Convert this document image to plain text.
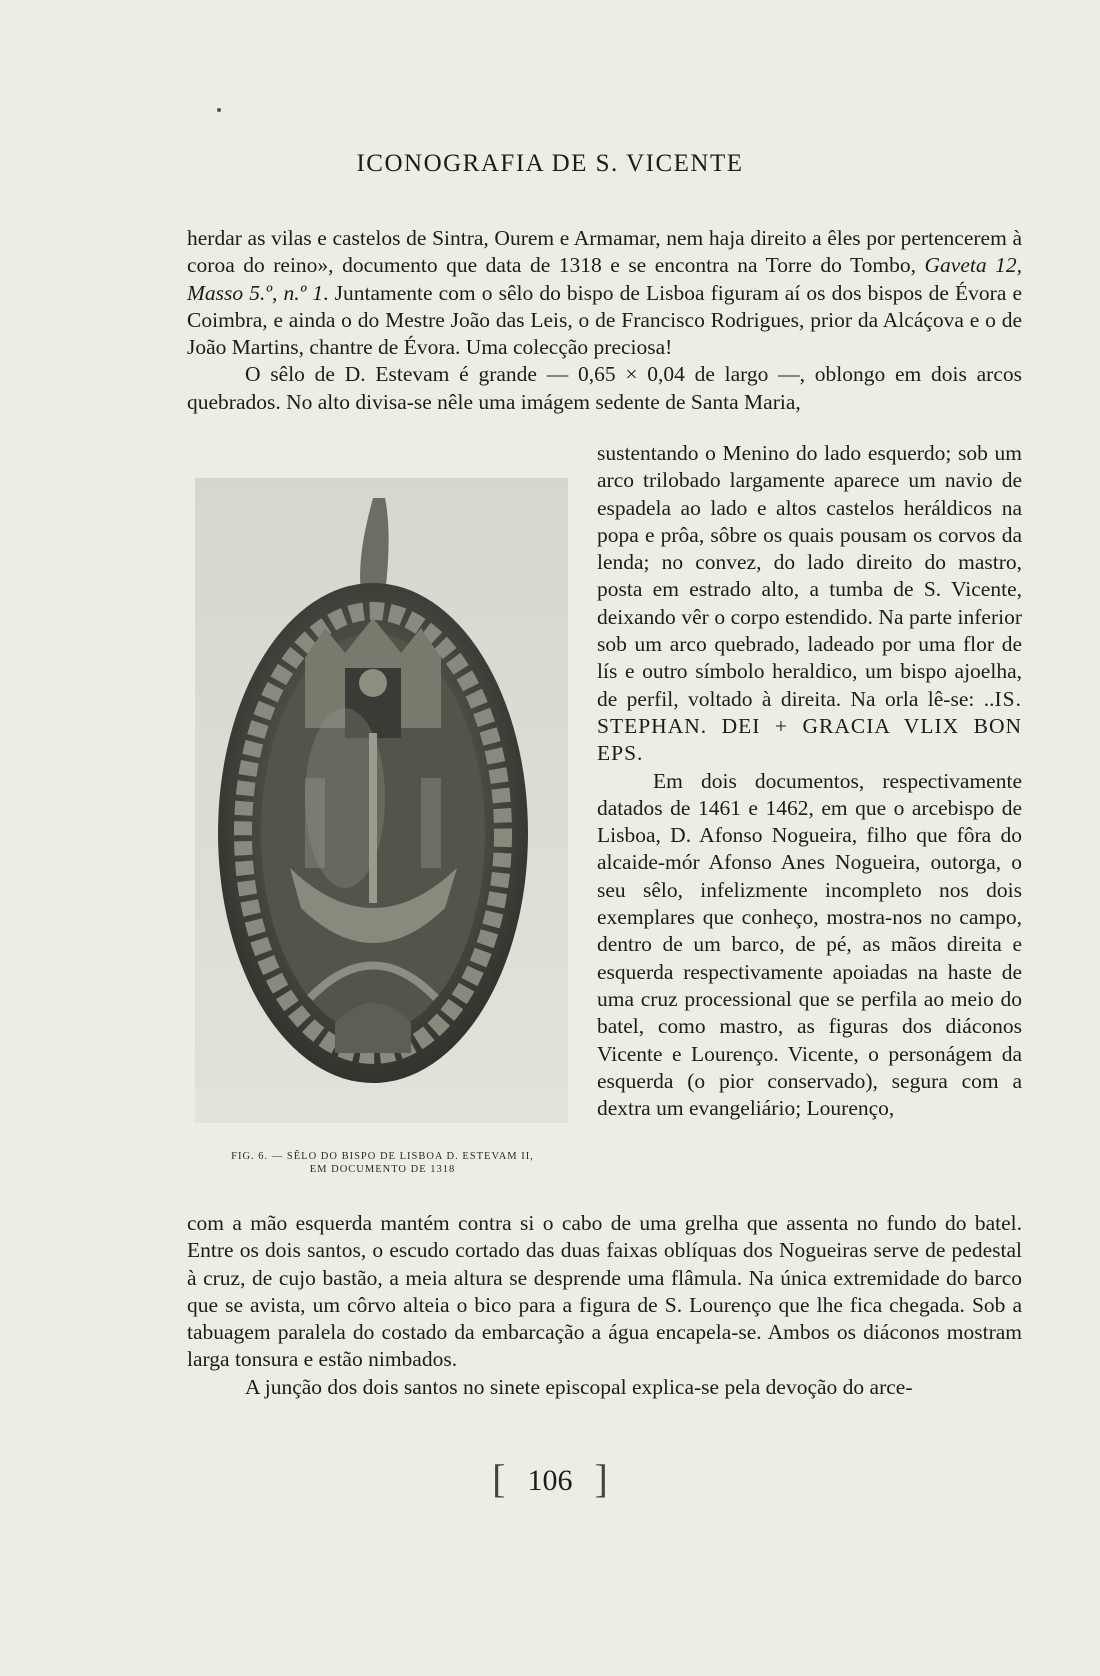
ICONOGRAFIA DE S. VICENTE

herdar as vilas e castelos de Sintra, Ourem e Armamar, nem haja direito a êles por pertencerem à coroa do reino», documento que data de 1318 e se encontra na Torre do Tombo, Gaveta 12, Masso 5.º, n.º 1. Juntamente com o sêlo do bispo de Lisboa figuram aí os dos bispos de Évora e Coimbra, e ainda o do Mestre João das Leis, o de Francisco Rodrigues, prior da Alcáçova e o de João Martins, chantre de Évora. Uma colecção preciosa!

O sêlo de D. Estevam é grande — 0,65 × 0,04 de largo —, oblongo em dois arcos quebrados. No alto divisa-se nêle uma imágem sedente de Santa Maria,

FIG. 6. — SÊLO DO BISPO DE LISBOA D. ESTEVAM II,
EM DOCUMENTO DE 1318

sustentando o Menino do lado esquerdo; sob um arco trilobado largamente aparece um navio de espadela ao lado e altos castelos heráldicos na popa e prôa, sôbre os quais pousam os corvos da lenda; no convez, do lado direito do mastro, posta em estrado alto, a tumba de S. Vicente, deixando vêr o corpo estendido. Na parte inferior sob um arco quebrado, ladeado por uma flor de lís e outro símbolo heraldico, um bispo ajoelha, de perfil, voltado à direita. Na orla lê-se: ..IS. STEPHAN. DEI + GRACIA VLIX BON EPS.

Em dois documentos, respectivamente datados de 1461 e 1462, em que o arcebispo de Lisboa, D. Afonso Nogueira, filho que fôra do alcaide-mór Afonso Anes Nogueira, outorga, o seu sêlo, infelizmente incompleto nos dois exemplares que conheço, mostra-nos no campo, dentro de um barco, de pé, as mãos direita e esquerda respectivamente apoiadas na haste de uma cruz processional que se perfila ao meio do batel, como mastro, as figuras dos diáconos Vicente e Lourenço. Vicente, o personágem da esquerda (o pior conservado), segura com a dextra um evangeliário; Lourenço,

com a mão esquerda mantém contra si o cabo de uma grelha que assenta no fundo do batel. Entre os dois santos, o escudo cortado das duas faixas oblíquas dos Nogueiras serve de pedestal à cruz, de cujo bastão, a meia altura se desprende uma flâmula. Na única extremidade do barco que se avista, um côrvo alteia o bico para a figura de S. Lourenço que lhe fica chegada. Sob a tabuagem paralela do costado da embarcação a água encapela-se. Ambos os diáconos mostram larga tonsura e estão nimbados.

A junção dos dois santos no sinete episcopal explica-se pela devoção do arce-

[ 106 ]
